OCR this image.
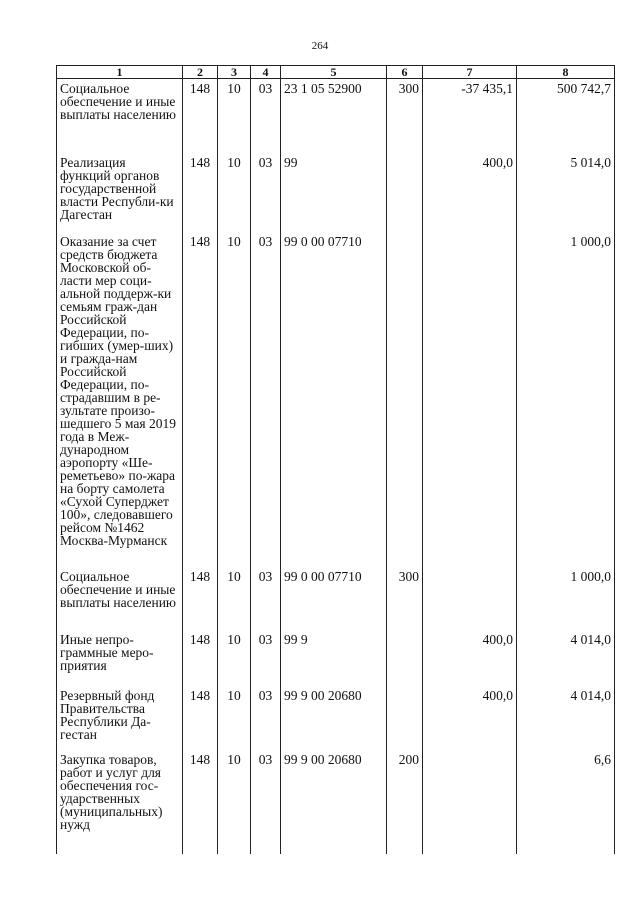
264
1	2	3	4	5	6	7	8
Социальное обеспечение и иные выплаты населению	148	10	03	23 1 05 52900	300	-37 435,1	500 742,7
Реализация функций органов государственной власти Республи-ки Дагестан	148	10	03	99		400,0	5 014,0
Оказание за счет средств бюджета Московской об-ласти мер соци-альной поддерж-ки семьям граж-дан Российской Федерации, по-гибших (умер-ших) и гражда-нам Российской Федерации, по-страдавшим в ре-зультате произо-шедшего 5 мая 2019 года в Меж-дународном аэропорту «Ше-реметьево» по-жара на борту самолета «Сухой Суперджет 100», следовавшего рейсом №1462 Москва-Мурманск	148	10	03	99 0 00 07710			1 000,0
Социальное обеспечение и иные выплаты населению	148	10	03	99 0 00 07710	300		1 000,0
Иные непро-граммные меро-приятия	148	10	03	99 9		400,0	4 014,0
Резервный фонд Правительства Республики Да-гестан	148	10	03	99 9 00 20680		400,0	4 014,0
Закупка товаров, работ и услуг для обеспечения гос-ударственных (муниципальных) нужд	148	10	03	99 9 00 20680	200		6,6
